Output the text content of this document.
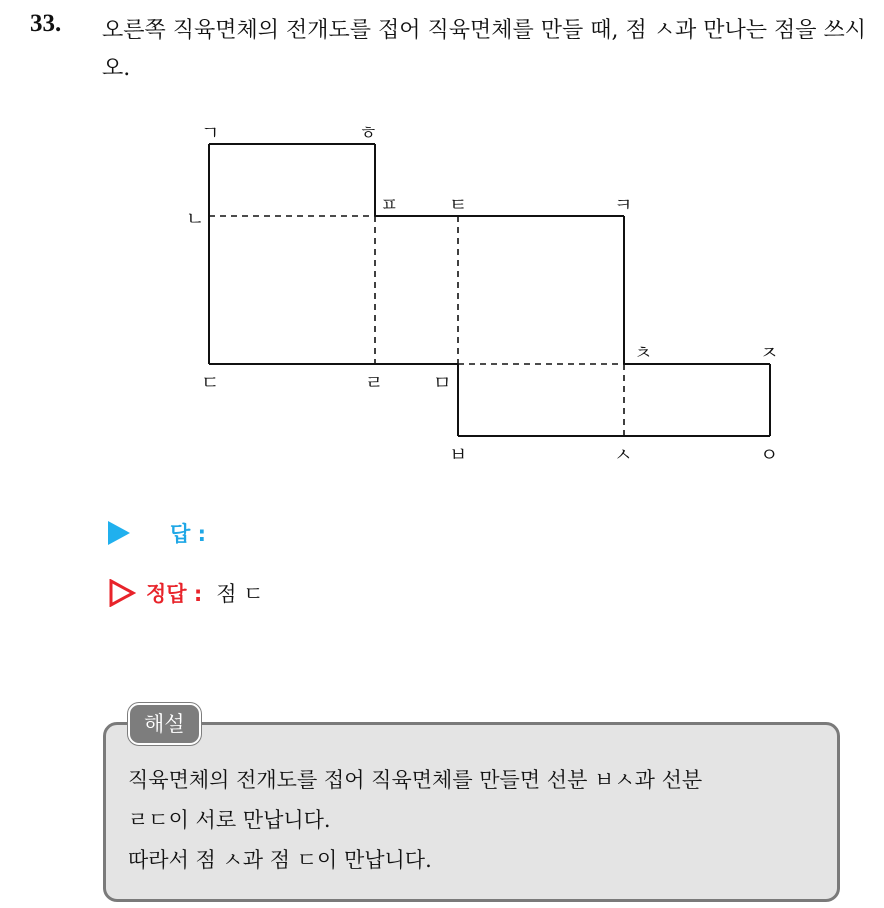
33. 오른쪽 직육면체의 전개도를 접어 직육면체를 만들 때, 점 ㅅ과 만나는 점을 쓰시오.
ㄱ	ㅎ
ㄴ
ㅍ	ㅌ	ㅋ
ㄷ	ㄹ	ㅁ
ㅊ	ㅈ
ㅂ	ㅅ	ㅇ
답 :
정답 : 점 ㄷ
해설
직육면체의 전개도를 접어 직육면체를 만들면 선분 ㅂㅅ과 선분
ㄹㄷ이 서로 만납니다.
따라서 점 ㅅ과 점 ㄷ이 만납니다.
